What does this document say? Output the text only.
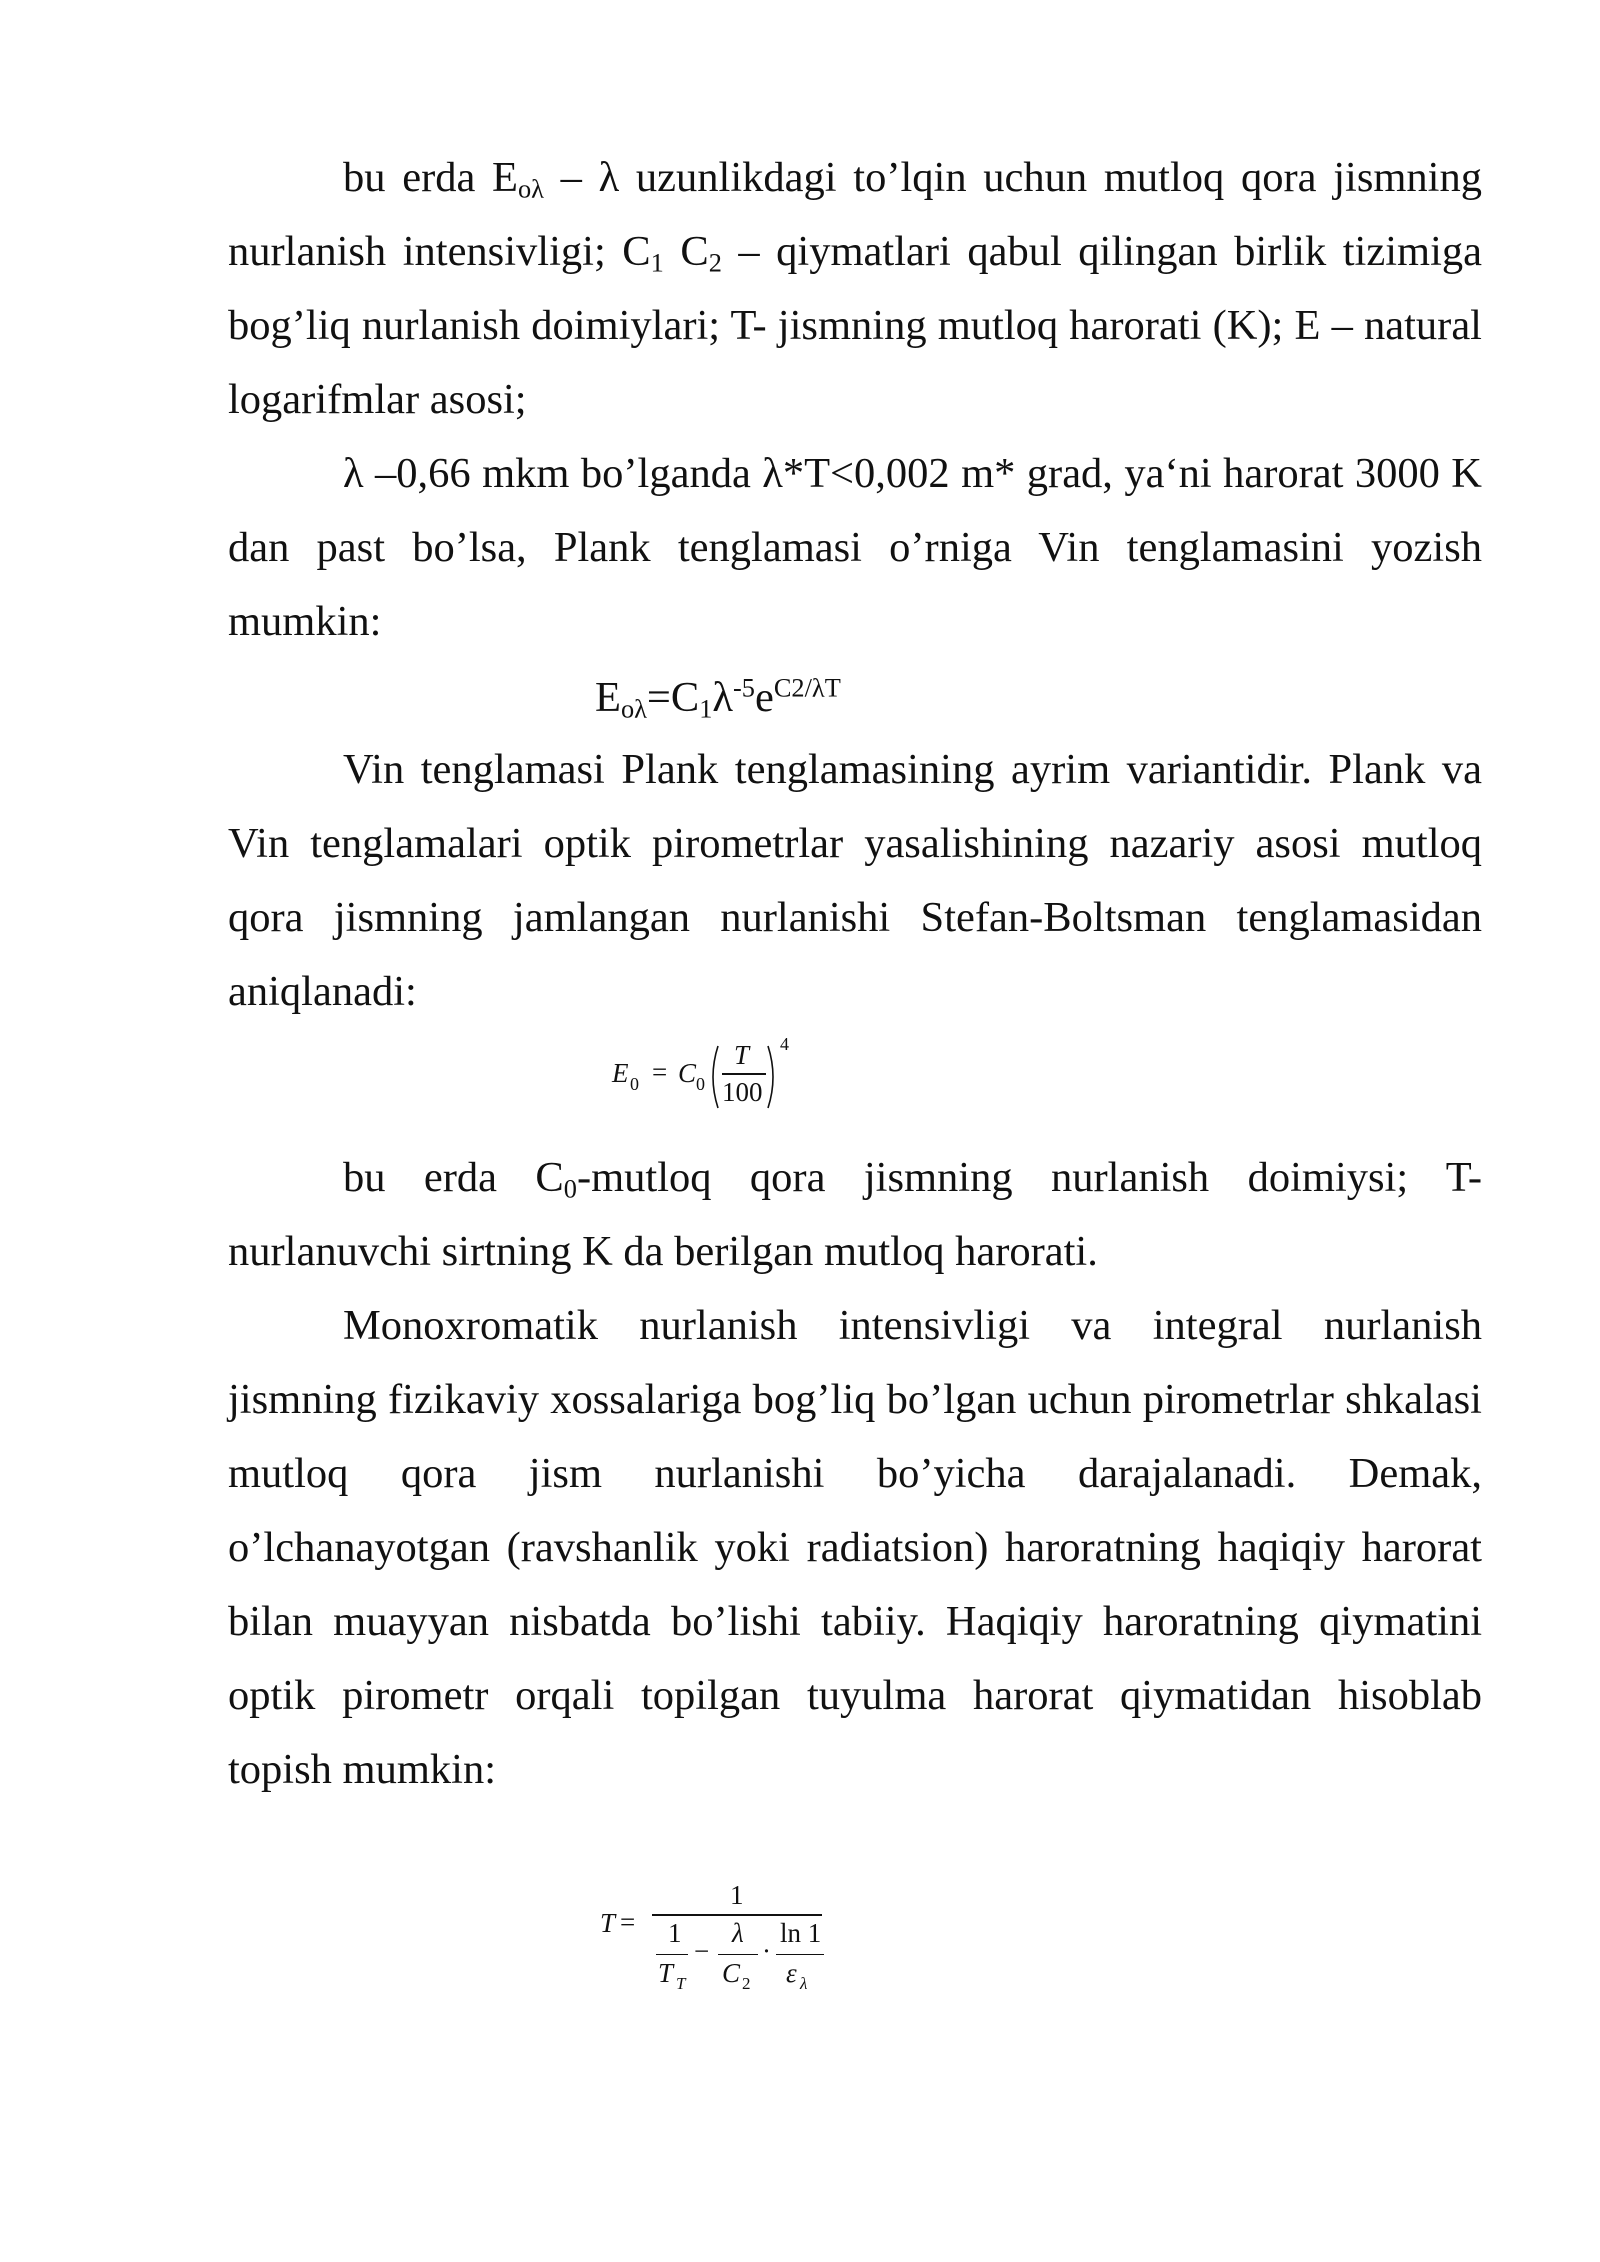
bu erda $E_{o\lambda}$ – λ uzunlikdagi to’lqin uchun mutloq qora jismning nurlanish intensivligi; $C_1$ $C_2$ – qiymatlari qabul qilingan birlik tizimiga bog’liq nurlanish doimiylari; T- jismning mutloq harorati (K); E – natural logarifmlar asosi;

λ –0,66 mkm bo’lganda λ*T<0,002 m* grad, ya‘ni harorat 3000 K dan past bo’lsa, Plank tenglamasi o’rniga Vin tenglamasini yozish mumkin:

$E_{o\lambda}=C_1\lambda^{-5}e^{C2/\lambda T}$

Vin tenglamasi Plank tenglamasining ayrim variantidir. Plank va Vin tenglamalari optik pirometrlar yasalishining nazariy asosi mutloq qora jismning jamlangan nurlanishi Stefan-Boltsman tenglamasidan aniqlanadi:

E 0 = C 0
T
100
4

bu erda $C_0$-mutloq qora jismning nurlanish doimiysi; T- nurlanuvchi sirtning K da berilgan mutloq harorati.

Monoxromatik nurlanish intensivligi va integral nurlanish jismning fizikaviy xossalariga bog’liq bo’lgan uchun pirometrlar shkalasi mutloq qora jism nurlanishi bo’yicha darajalanadi. Demak, o’lchanayotgan (ravshanlik yoki radiatsion) haroratning haqiqiy harorat bilan muayyan nisbatda bo’lishi tabiiy. Haqiqiy haroratning qiymatini optik pirometr orqali topilgan tuyulma harorat qiymatidan hisoblab topish mumkin:

T =
1
1
T T
−
λ
C 2
·
ln 1
ε λ
